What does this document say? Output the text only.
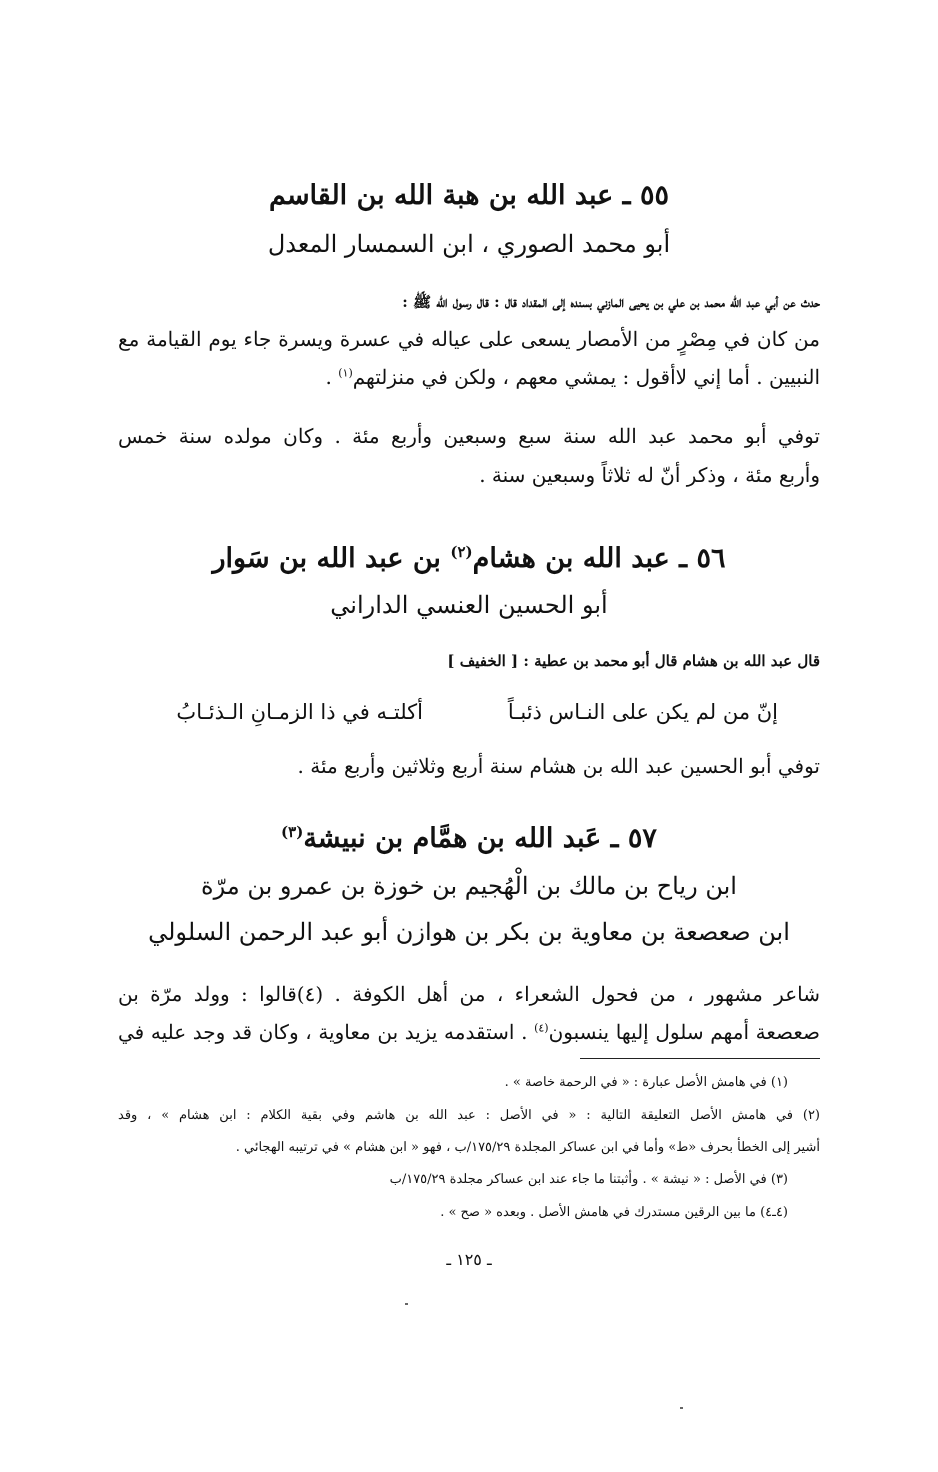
٥٥ ـ عبد الله بن هبة الله بن القاسم
أبو محمد الصوري ، ابن السمسار المعدل
حدث عن أبي عبد الله محمد بن علي بن يحيى المازني بسنده إلى المقداد قال : قال رسول الله ﷺ :
من كان في مِصْرٍ من الأمصار يسعى على عياله في عسرة ويسرة جاء يوم القيامة مع
النبيين . أما إني لاأقول : يمشي معهم ، ولكن في منزلتهم$^{(١)}$ .
توفي أبو محمد عبد الله سنة سبع وسبعين وأربع مئة . وكان مولده سنة خمس
وأربع مئة ، وذكر أنّ له ثلاثاً وسبعين سنة .
٥٦ ـ عبد الله بن هشام$^{(٢)}$ بن عبد الله بن سَوار
أبو الحسين العنسي الداراني
قال عبد الله بن هشام قال أبو محمد بن عطية : [ الخفيف ]
إنّ من لم يكن على النـاس ذئبـاً
أكلتـه في ذا الزمـانِ الـذئـابُ
توفي أبو الحسين عبد الله بن هشام سنة أربع وثلاثين وأربع مئة .
٥٧ ـ عَبد الله بن همَّام بن نبيشة$^{(٣)}$
ابن رياح بن مالك بن الْهُجيم بن خوزة بن عمرو بن مرّة
ابن صعصعة بن معاوية بن بكر بن هوازن أبو عبد الرحمن السلولي
شاعر مشهور ، من فحول الشعراء ، من أهل الكوفة . (٤)قالوا : وولد مرّة بن
صعصعة أمهم سلول إليها ينسبون$^{(٤)}$ . استقدمه يزيد بن معاوية ، وكان قد وجد عليه في
(١) في هامش الأصل عبارة : « في الرحمة خاصة » .
(٢) في هامش الأصل التعليقة التالية : « في الأصل : عبد الله بن هاشم وفي بقية الكلام : ابن هشام » ، وقد
أشير إلى الخطأ بحرف «ط» وأما في ابن عساكر المجلدة ١٧٥/٢٩/ب ، فهو « ابن هشام » في ترتيبه الهجائي .
(٣) في الأصل : « نيشة » . وأثبتنا ما جاء عند ابن عساكر مجلدة ١٧٥/٢٩/ب
(٤ـ٤) ما بين الرقين مستدرك في هامش الأصل . وبعده « صح » .
ـ ١٢٥ ـ
